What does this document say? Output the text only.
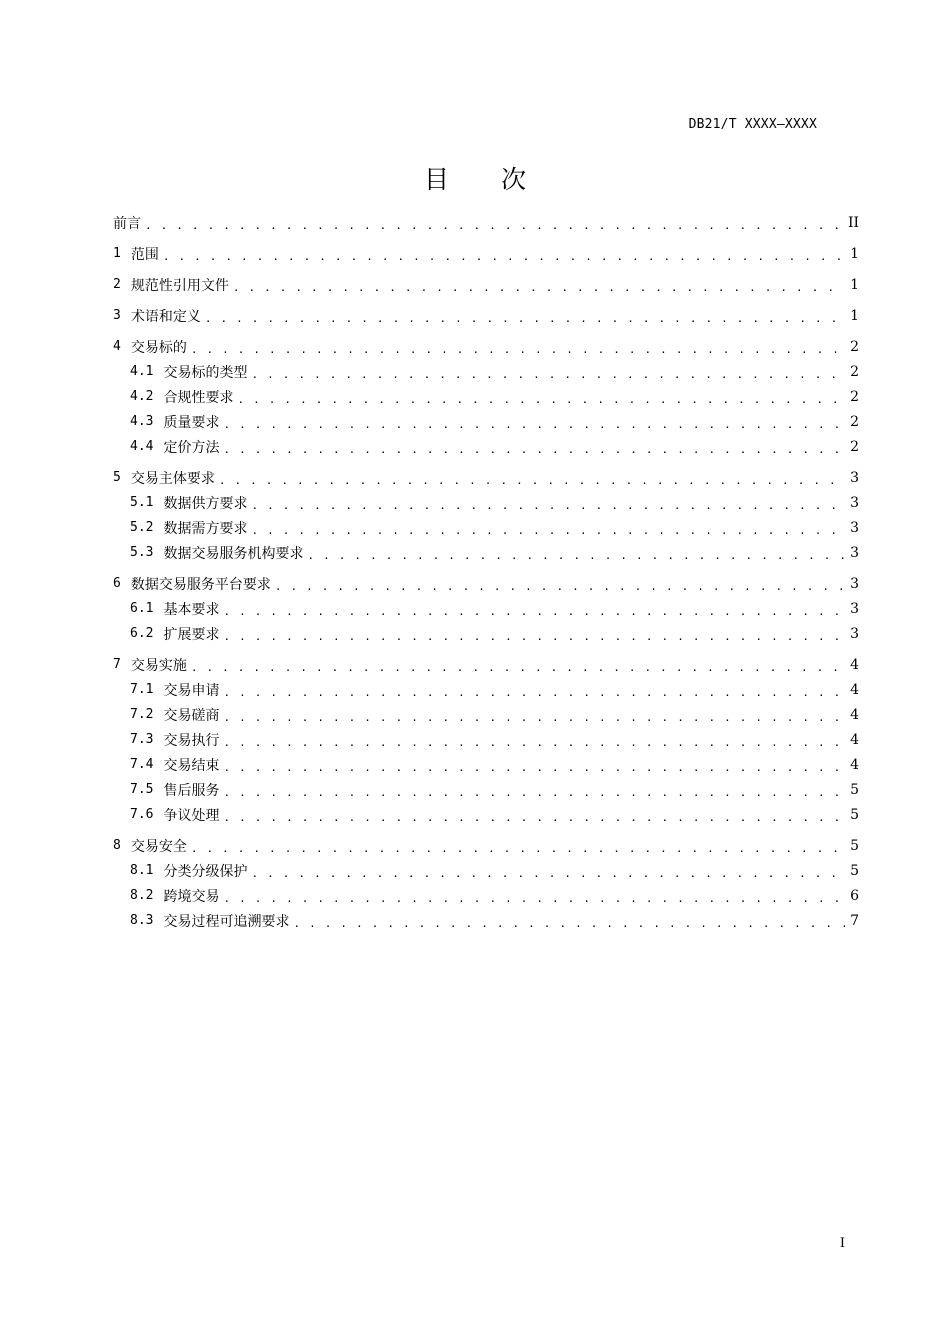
DB21/T XXXX—XXXX
目 次
前言 . . .	II
1 范围 . . .	1
2 规范性引用文件 . . .	1
3 术语和定义 . . .	1
4 交易标的 . . .	2
4.1 交易标的类型 . . .	2
4.2 合规性要求 . . .	2
4.3 质量要求 . . .	2
4.4 定价方法 . . .	2
5 交易主体要求 . . .	3
5.1 数据供方要求 . . .	3
5.2 数据需方要求 . . .	3
5.3 数据交易服务机构要求 . . .	3
6 数据交易服务平台要求 . . .	3
6.1 基本要求 . . .	3
6.2 扩展要求 . . .	3
7 交易实施 . . .	4
7.1 交易申请 . . .	4
7.2 交易磋商 . . .	4
7.3 交易执行 . . .	4
7.4 交易结束 . . .	4
7.5 售后服务 . . .	5
7.6 争议处理 . . .	5
8 交易安全 . . .	5
8.1 分类分级保护 . . .	5
8.2 跨境交易 . . .	6
8.3 交易过程可追溯要求 . . .	7
I
